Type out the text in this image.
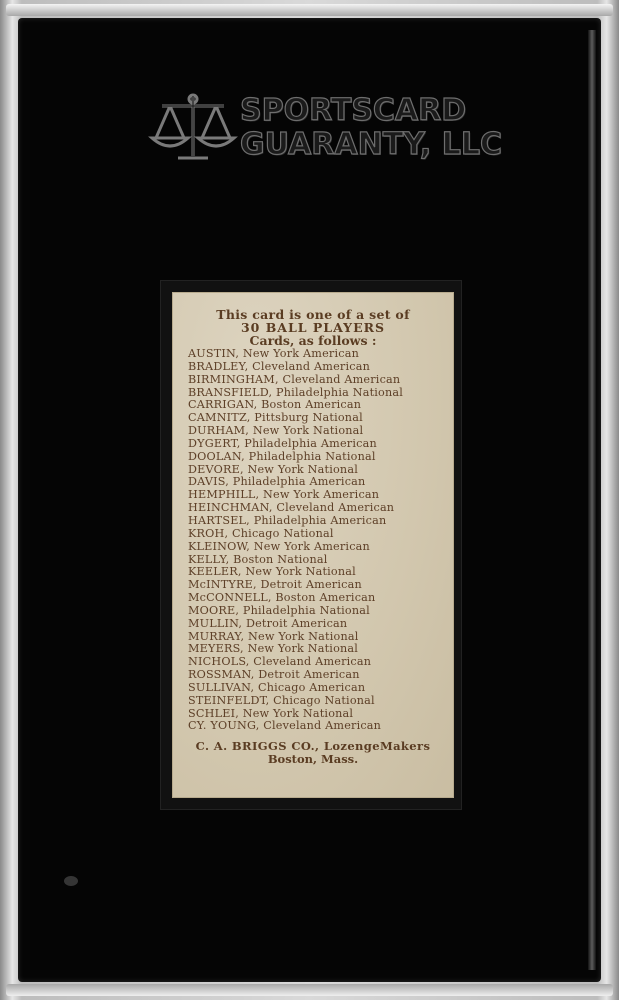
SPORTSCARD
GUARANTY, LLC
This card is one of a set of
30 BALL PLAYERS
Cards, as follows :
AUSTIN, New York American
BRADLEY, Cleveland American
BIRMINGHAM, Cleveland American
BRANSFIELD, Philadelphia National
CARRIGAN, Boston American
CAMNITZ, Pittsburg National
DURHAM, New York National
DYGERT, Philadelphia American
DOOLAN, Philadelphia National
DEVORE, New York National
DAVIS, Philadelphia American
HEMPHILL, New York American
HEINCHMAN, Cleveland American
HARTSEL, Philadelphia American
KROH, Chicago National
KLEINOW, New York American
KELLY, Boston National
KEELER, New York National
McINTYRE, Detroit American
McCONNELL, Boston American
MOORE, Philadelphia National
MULLIN, Detroit American
MURRAY, New York National
MEYERS, New York National
NICHOLS, Cleveland American
ROSSMAN, Detroit American
SULLIVAN, Chicago American
STEINFELDT, Chicago National
SCHLEI, New York National
CY. YOUNG, Cleveland American
C. A. BRIGGS CO., LozengeMakers
Boston, Mass.
